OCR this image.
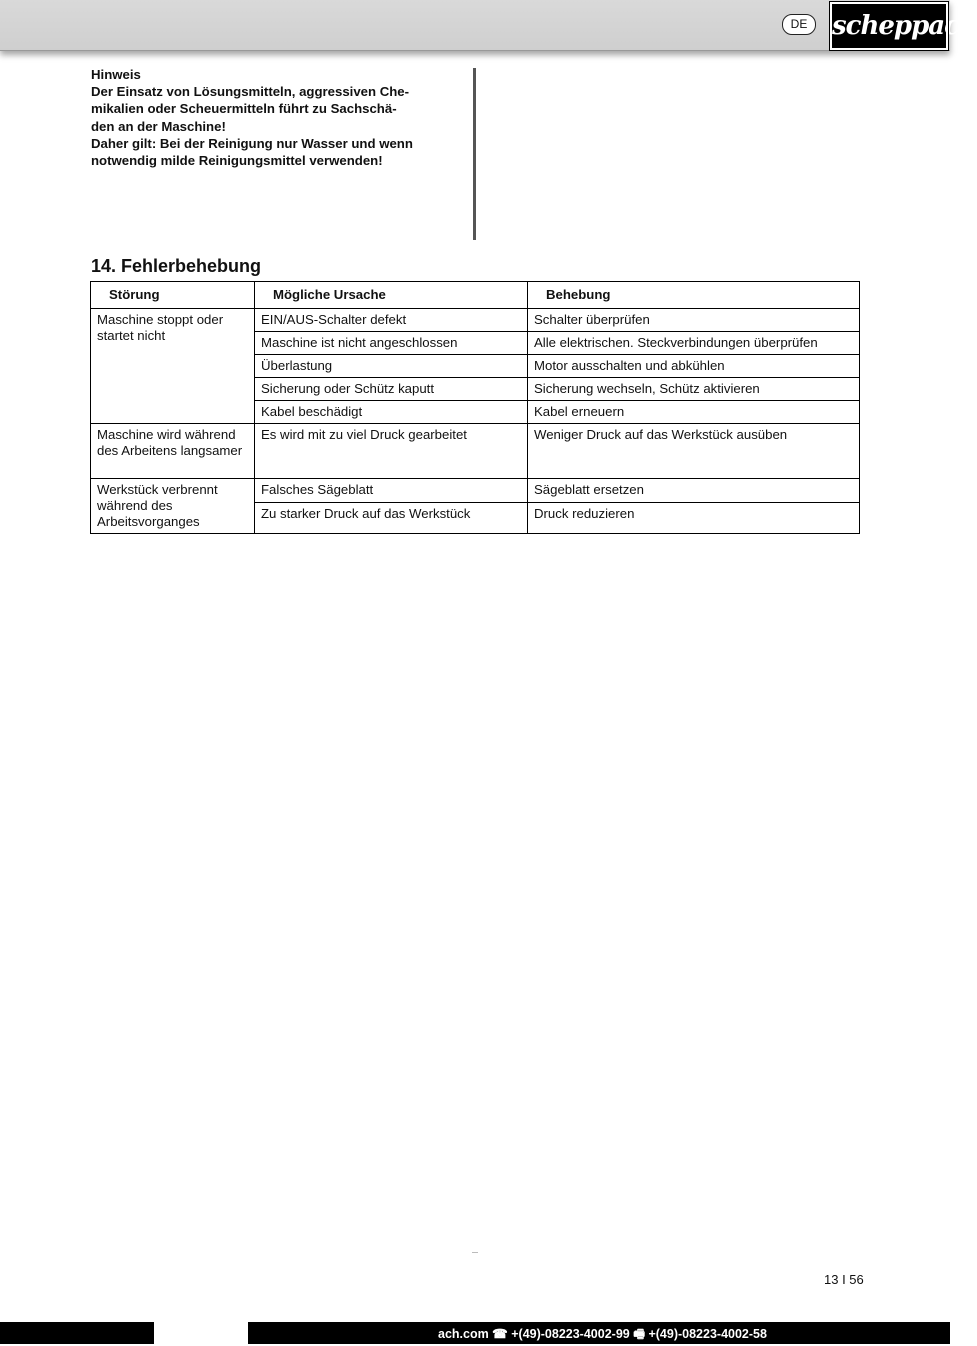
DE scheppach
Hinweis
Der Einsatz von Lösungsmitteln, aggressiven Che-
mikalien oder Scheuermitteln führt zu Sachschä-
den an der Maschine!
Daher gilt: Bei der Reinigung nur Wasser und wenn
notwendig milde Reinigungsmittel verwenden!
14. Fehlerbehebung
Störung	Mögliche Ursache	Behebung
Maschine stoppt oder startet nicht	EIN/AUS-Schalter defekt	Schalter überprüfen
	Maschine ist nicht angeschlossen	Alle elektrischen. Steckverbindungen überprüfen
	Überlastung	Motor ausschalten und abkühlen
	Sicherung oder Schütz kaputt	Sicherung wechseln, Schütz aktivieren
	Kabel beschädigt	Kabel erneuern
Maschine wird während des Arbeitens langsamer	Es wird mit zu viel Druck gearbeitet	Weniger Druck auf das Werkstück ausüben
Werkstück verbrennt während des Arbeitsvorganges	Falsches Sägeblatt	Sägeblatt ersetzen
	Zu starker Druck auf das Werkstück	Druck reduzieren
13 I 56
ach.com ☎ +(49)-08223-4002-99 🖷 +(49)-08223-4002-58
